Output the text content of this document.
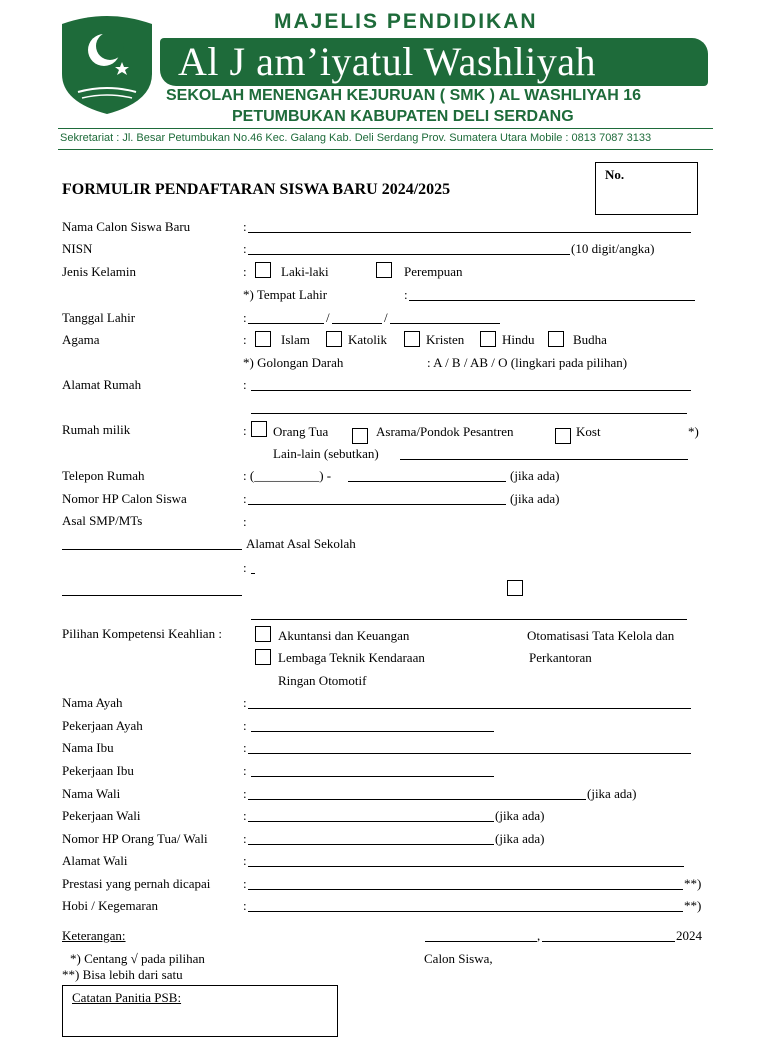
MAJELIS PENDIDIKAN
Al J am’iyatul Washliyah
SEKOLAH MENENGAH KEJURUAN ( SMK ) AL WASHLIYAH 16
PETUMBUKAN KABUPATEN DELI SERDANG
Sekretariat : Jl. Besar Petumbukan No.46 Kec. Galang Kab. Deli Serdang Prov. Sumatera Utara Mobile : 0813 7087 3133
FORMULIR PENDAFTARAN SISWA BARU 2024/2025
No.
Nama Calon Siswa Baru	:
NISN	:	(10 digit/angka)
Jenis Kelamin	:	Laki-laki	Perempuan
*) Tempat Lahir	:
Tanggal Lahir	:	/	/
Agama	:	Islam	Katolik	Kristen	Hindu	Budha
*) Golongan Darah	: A / B / AB / O (lingkari pada pilihan)
Alamat Rumah	:
Rumah milik	: Orang Tua	Asrama/Pondok Pesantren	Kost	*)
Lain-lain (sebutkan)
Telepon Rumah	: (__________) -	(jika ada)
Nomor HP Calon Siswa	:	(jika ada)
Asal SMP/MTs	:
Alamat Asal Sekolah
:
Pilihan Kompetensi Keahlian :	Akuntansi dan Keuangan	Otomatisasi Tata Kelola dan
Lembaga Teknik Kendaraan	Perkantoran
Ringan Otomotif
Nama Ayah	:
Pekerjaan Ayah	:
Nama Ibu	:
Pekerjaan Ibu	:
Nama Wali	:	(jika ada)
Pekerjaan Wali	:	(jika ada)
Nomor HP Orang Tua/ Wali	:	(jika ada)
Alamat Wali	:
Prestasi yang pernah dicapai	:	**)
Hobi / Kegemaran	:	**)
Keterangan:
*) Centang √ pada pilihan
**) Bisa lebih dari satu
,	2024
Calon Siswa,
Catatan Panitia PSB:
